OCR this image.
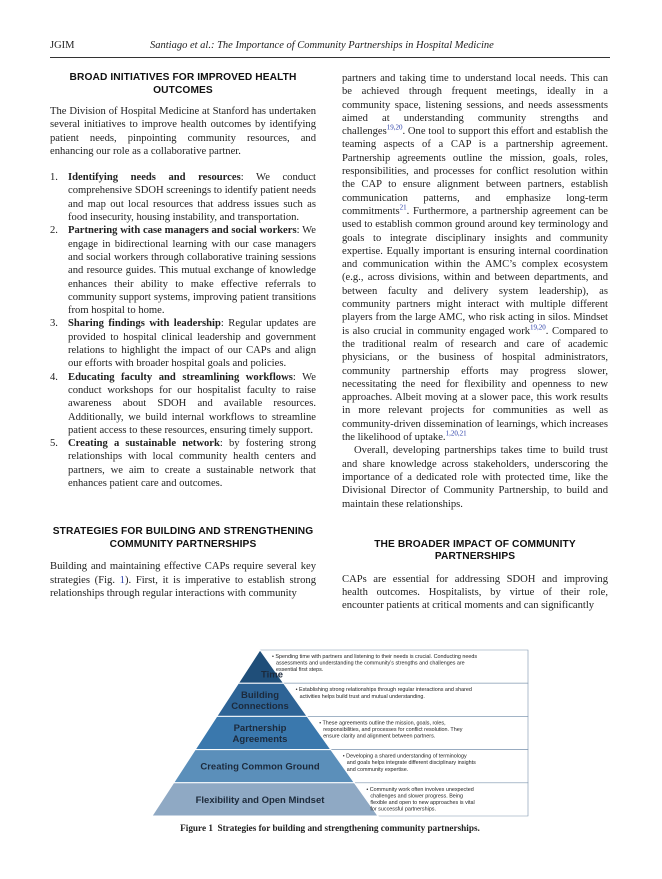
JGIM	Santiago et al.: The Importance of Community Partnerships in Hospital Medicine
BROAD INITIATIVES FOR IMPROVED HEALTH OUTCOMES

The Division of Hospital Medicine at Stanford has undertaken several initiatives to improve health outcomes by identifying patient needs, pinpointing community resources, and enhancing our role as a collaborative partner.

1. Identifying needs and resources: We conduct comprehensive SDOH screenings to identify patient needs and map out local resources that address issues such as food insecurity, housing instability, and transportation.
2. Partnering with case managers and social workers: We engage in bidirectional learning with our case managers and social workers through collaborative training sessions and resource guides. This mutual exchange of knowledge enhances their ability to make effective referrals to community support systems, improving patient transitions from hospital to home.
3. Sharing findings with leadership: Regular updates are provided to hospital clinical leadership and government relations to highlight the impact of our CAPs and align our efforts with broader hospital goals and policies.
4. Educating faculty and streamlining workflows: We conduct workshops for our hospitalist faculty to raise awareness about SDOH and available resources. Additionally, we build internal workflows to streamline patient access to these resources, ensuring timely support.
5. Creating a sustainable network: by fostering strong relationships with local community health centers and partners, we aim to create a sustainable network that enhances patient care and outcomes.
STRATEGIES FOR BUILDING AND STRENGTHENING COMMUNITY PARTNERSHIPS

Building and maintaining effective CAPs require several key strategies (Fig. 1). First, it is imperative to establish strong relationships through regular interactions with community

partners and taking time to understand local needs. This can be achieved through frequent meetings, ideally in a community space, listening sessions, and needs assessments aimed at understanding community strengths and challenges$^{19,20}$. One tool to support this effort and establish the teaming aspects of a CAP is a partnership agreement. Partnership agreements outline the mission, goals, roles, responsibilities, and processes for conflict resolution within the CAP to ensure alignment between partners, establish communication patterns, and emphasize long-term commitments$^{21}$. Furthermore, a partnership agreement can be used to establish common ground around key terminology and goals to integrate disciplinary insights and community expertise. Equally important is ensuring internal coordination and communication within the AMC’s complex ecosystem (e.g., across divisions, within and between departments, and between faculty and delivery system leadership), as community partners might interact with multiple different players from the large AMC, who risk acting in silos. Mindset is also crucial in community engaged work$^{19,20}$. Compared to the traditional realm of research and care of academic physicians, or the business of hospital administrators, community partnership efforts may progress slower, necessitating the need for flexibility and openness to new approaches. Albeit moving at a slower pace, this work results in more relevant projects for communities as well as community-driven dissemination of learnings, which increases the likelihood of uptake.$^{1,20,21}$

Overall, developing partnerships takes time to build trust and share knowledge across stakeholders, underscoring the importance of a dedicated role with protected time, like the Divisional Director of Community Partnership, to build and maintain these relationships.

THE BROADER IMPACT OF COMMUNITY PARTNERSHIPS

CAPs are essential for addressing SDOH and improving health outcomes. Hospitalists, by virtue of their role, encounter patients at critical moments and can significantly

Time
• Spending time with partners and listening to their needs is crucial. Conducting needs
assessments and understanding the community’s strengths and challenges are
essential first steps.
Building
Connections
• Establishing strong relationships through regular interactions and shared
activities helps build trust and mutual understanding.
Partnership
Agreements
• These agreements outline the mission, goals, roles,
responsibilities, and processes for conflict resolution. They
ensure clarity and alignment between partners.
Creating Common Ground
• Developing a shared understanding of terminology
and goals helps integrate different disciplinary insights
and community expertise.
Flexibility and Open Mindset
• Community work often involves unexpected
challenges and slower progress. Being
flexible and open to new approaches is vital
for successful partnerships.
Figure 1 Strategies for building and strengthening community partnerships.
